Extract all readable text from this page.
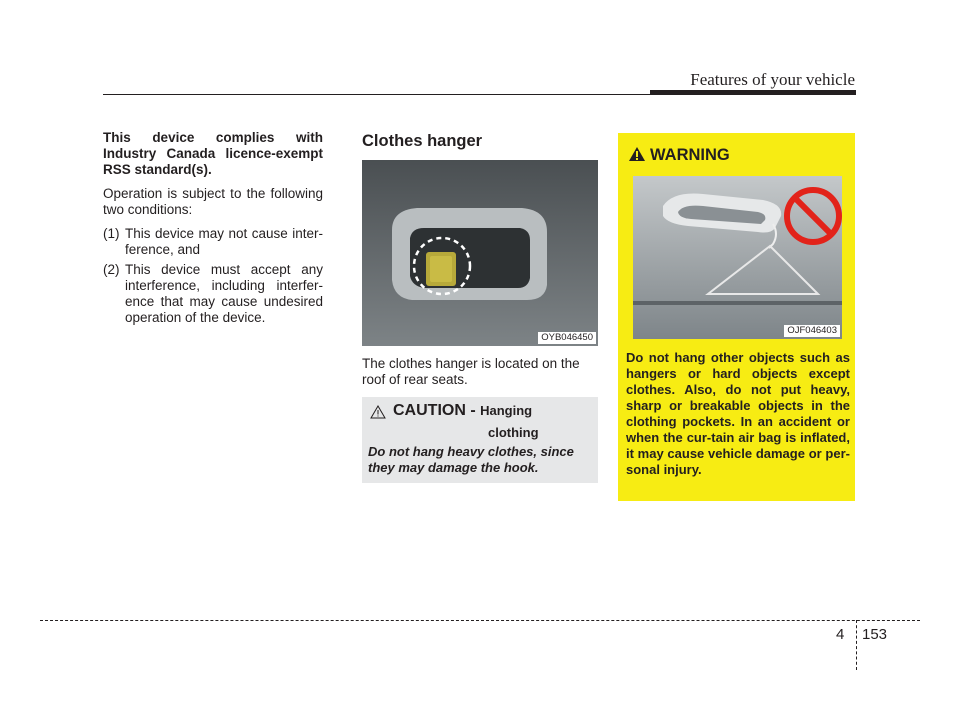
Features of your vehicle

This device complies with Industry Canada licence-exempt RSS standard(s).

Operation is subject to the following two conditions:

(1) This device may not cause inter-ference, and
(2) This device must accept any interference, including interfer-ence that may cause undesired operation of the device.
Clothes hanger
OYB046450
The clothes hanger is located on the roof of rear seats.
CAUTION - Hanging
clothing
Do not hang heavy clothes, since they may damage the hook.
WARNING
OJF046403
Do not hang other objects such as hangers or hard objects except clothes. Also, do not put heavy, sharp or breakable objects in the clothing pockets. In an accident or when the cur-tain air bag is inflated, it may cause vehicle damage or per-sonal injury.
4 153
